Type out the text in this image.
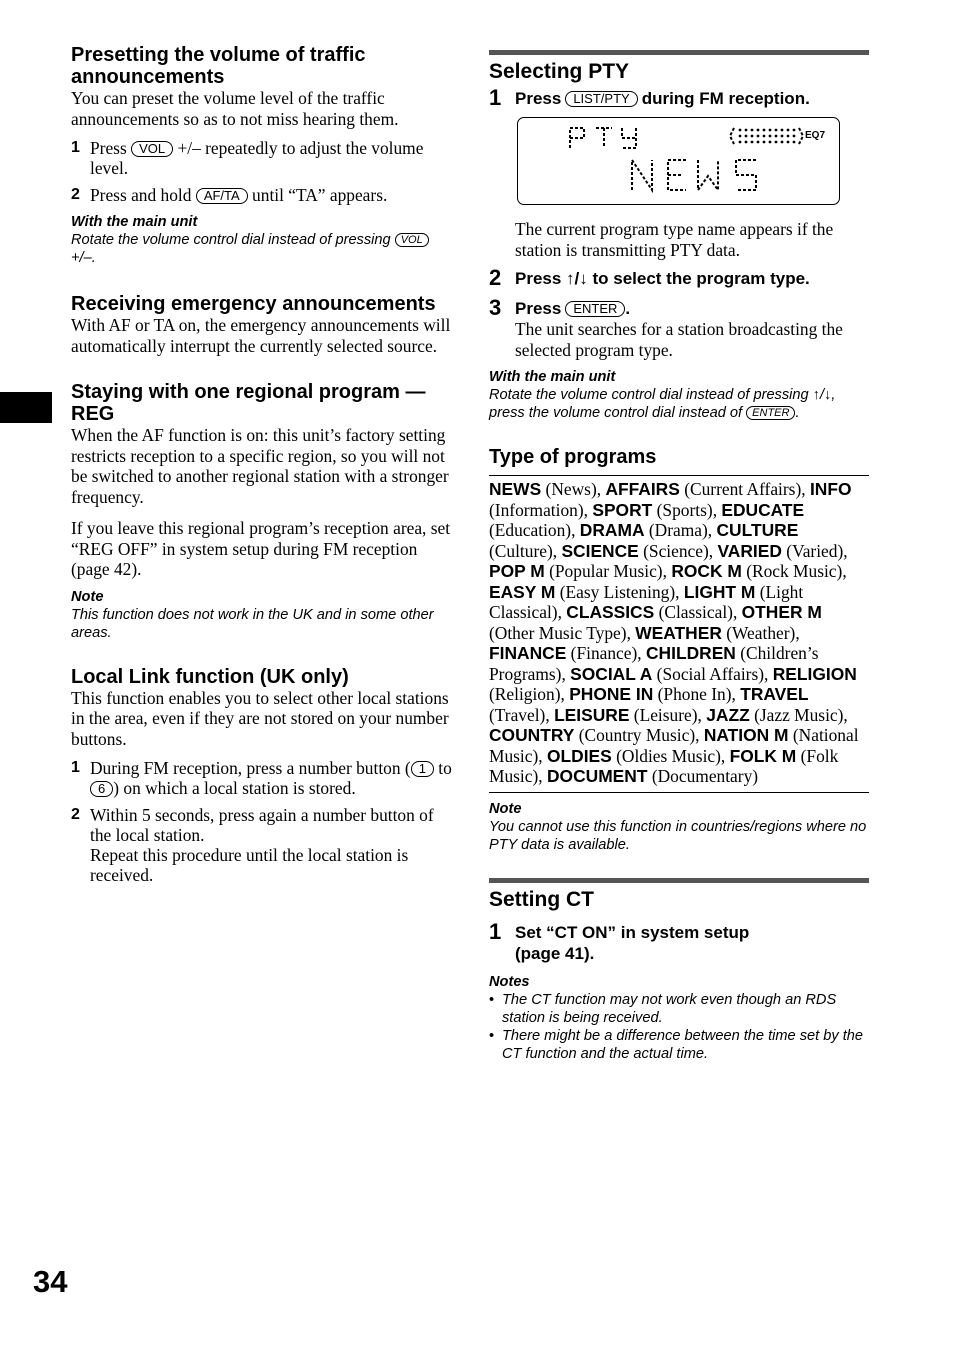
34
Presetting the volume of traffic announcements

You can preset the volume level of the traffic announcements so as to not miss hearing them.

1 Press VOL +/– repeatedly to adjust the volume level.
2 Press and hold AF/TA until “TA” appears.
With the main unit
Rotate the volume control dial instead of pressing VOL +/–.
Receiving emergency announcements

With AF or TA on, the emergency announcements will automatically interrupt the currently selected source.

Staying with one regional program — REG

When the AF function is on: this unit’s factory setting restricts reception to a specific region, so you will not be switched to another regional station with a stronger frequency.

If you leave this regional program’s reception area, set “REG OFF” in system setup during FM reception (page 42).

Note
This function does not work in the UK and in some other areas.
Local Link function (UK only)

This function enables you to select other local stations in the area, even if they are not stored on your number buttons.

1 During FM reception, press a number button ( 1 to 6 ) on which a local station is stored.
2 Within 5 seconds, press again a number button of the local station.
Repeat this procedure until the local station is received.
Selecting PTY
1 Press LIST/PTY during FM reception.
EQ7

The current program type name appears if the station is transmitting PTY data.

2 Press ↑/↓ to select the program type.
3 Press ENTER .
The unit searches for a station broadcasting the selected program type.
With the main unit
Rotate the volume control dial instead of pressing ↑/↓, press the volume control dial instead of ENTER .
Type of programs
NEWS (News), AFFAIRS (Current Affairs), INFO (Information), SPORT (Sports), EDUCATE (Education), DRAMA (Drama), CULTURE (Culture), SCIENCE (Science), VARIED (Varied), POP M (Popular Music), ROCK M (Rock Music), EASY M (Easy Listening), LIGHT M (Light Classical), CLASSICS (Classical), OTHER M (Other Music Type), WEATHER (Weather), FINANCE (Finance), CHILDREN (Children’s Programs), SOCIAL A (Social Affairs), RELIGION (Religion), PHONE IN (Phone In), TRAVEL (Travel), LEISURE (Leisure), JAZZ (Jazz Music), COUNTRY (Country Music), NATION M (National Music), OLDIES (Oldies Music), FOLK M (Folk Music), DOCUMENT (Documentary)
Note
You cannot use this function in countries/regions where no PTY data is available.
Setting CT
1 Set “CT ON” in system setup (page 41).
Notes
• The CT function may not work even though an RDS station is being received.
• There might be a difference between the time set by the CT function and the actual time.
